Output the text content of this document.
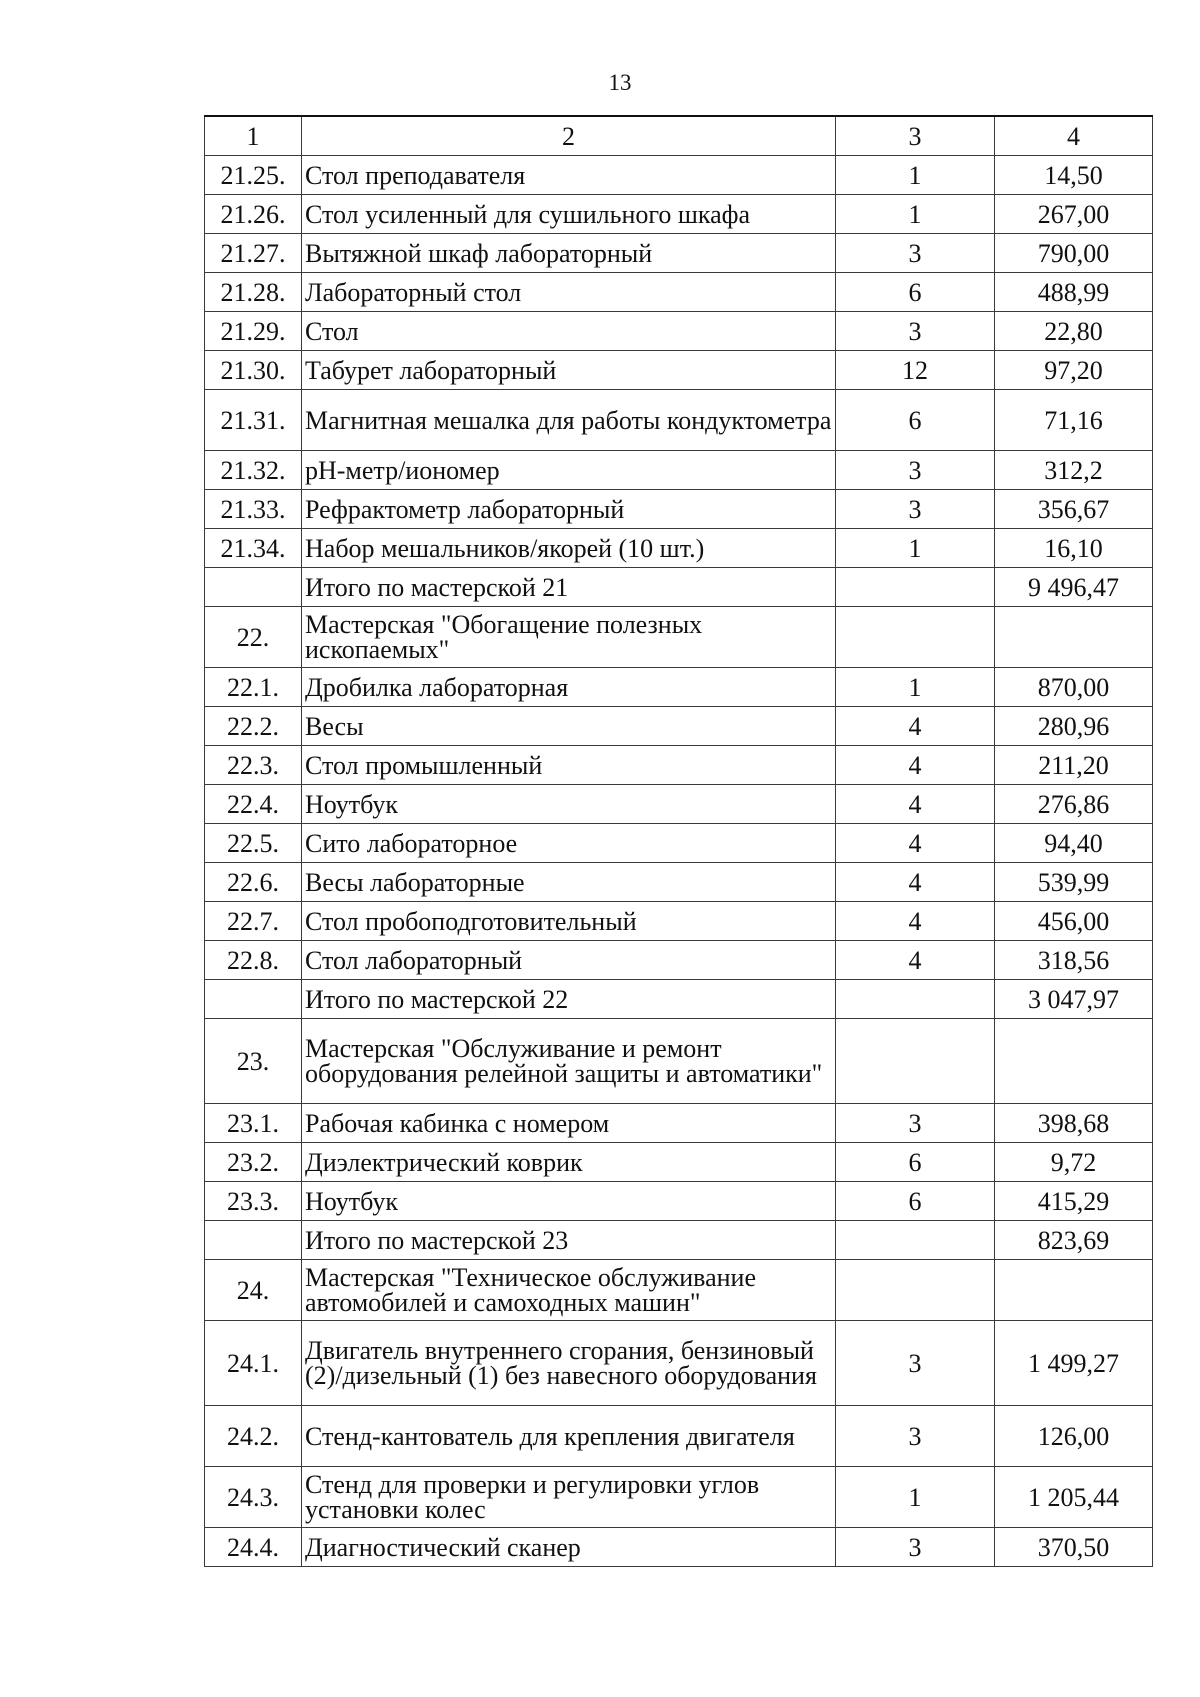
13
1	2	3	4
21.25.	Стол преподавателя	1	14,50
21.26.	Стол усиленный для сушильного шкафа	1	267,00
21.27.	Вытяжной шкаф лабораторный	3	790,00
21.28.	Лабораторный стол	6	488,99
21.29.	Стол	3	22,80
21.30.	Табурет лабораторный	12	97,20
21.31.	Магнитная мешалка для работы кондуктометра	6	71,16
21.32.	pH-метр/иономер	3	312,2
21.33.	Рефрактометр лабораторный	3	356,67
21.34.	Набор мешальников/якорей (10 шт.)	1	16,10
	Итого по мастерской 21		9 496,47
22.	Мастерская "Обогащение полезных ископаемых"		
22.1.	Дробилка лабораторная	1	870,00
22.2.	Весы	4	280,96
22.3.	Стол промышленный	4	211,20
22.4.	Ноутбук	4	276,86
22.5.	Сито лабораторное	4	94,40
22.6.	Весы лабораторные	4	539,99
22.7.	Стол пробоподготовительный	4	456,00
22.8.	Стол лабораторный	4	318,56
	Итого по мастерской 22		3 047,97
23.	Мастерская "Обслуживание и ремонт оборудования релейной защиты и автоматики"		
23.1.	Рабочая кабинка с номером	3	398,68
23.2.	Диэлектрический коврик	6	9,72
23.3.	Ноутбук	6	415,29
	Итого по мастерской 23		823,69
24.	Мастерская "Техническое обслуживание автомобилей и самоходных машин"		
24.1.	Двигатель внутреннего сгорания, бензиновый (2)/дизельный (1) без навесного оборудования	3	1 499,27
24.2.	Стенд-кантователь для крепления двигателя	3	126,00
24.3.	Стенд для проверки и регулировки углов установки колес	1	1 205,44
24.4.	Диагностический сканер	3	370,50
